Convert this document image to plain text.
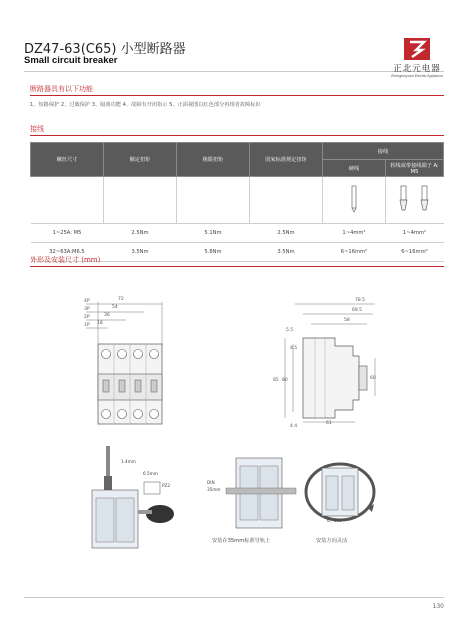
DZ47-63(C65) 小型断路器
Small circuit breaker
正北元电器
Zhengbeiyuan Electric Appliance
断路器具有以下功能
1、短路保护 2、过载保护 3、隔离功能 4、故障有开闭指示 5、正面视图以红色部分再现者故障标识
接线
螺丝尺寸	额定扭矩	极限扭矩	国家标准规定扭矩	接线	
				硬线	软线或带接线端子 A: M5

1~25A: M5	2.5Nm	5.1Nm	2.5Nm	1~4mm²	1~4mm²
32~63A:M6.5	3.5Nm	5.8Nm	3.5Nm	6~16mm²	6~16mm²
外形及安装尺寸 (mm)
4P
3P
2P
1P
72
54
36
18
78.5
69.5
58
5.5
4.5
85 80	60
4.4
61
1.4mm
6.5mm
PZ2
DIN
35mm
0、360°
安装在35mm标准导轨上	安装方向灵活
130
